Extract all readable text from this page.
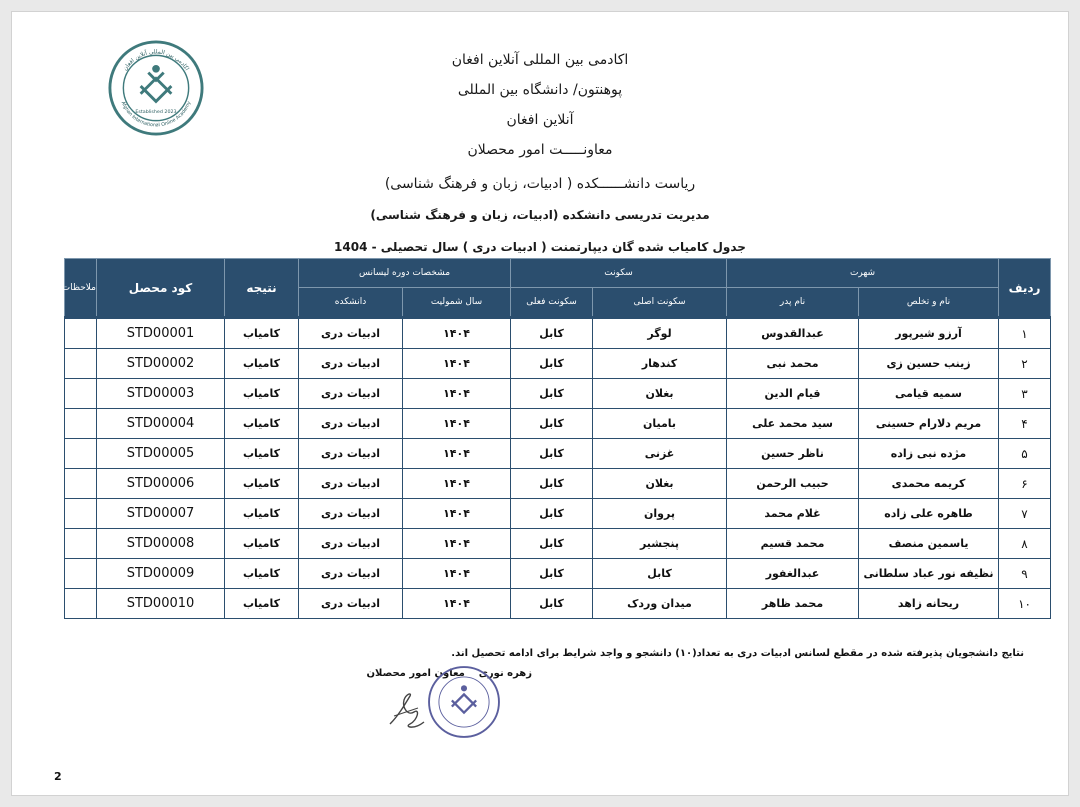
اکادمی بین المللی آنلاین افغان
Afghan International Online Academy
Established 2023
اکادمی بین المللی آنلاین افغان
پوهنتون/ دانشگاه بین المللی
آنلاین افغان
معاونـــــت امور محصلان
ریاست دانشــــــکده ( ادبیات، زبان و فرهنگ شناسی)
مدیریت تدریسی دانشکده (ادبیات، زبان و فرهنگ شناسی)
جدول کامیاب شده گان دیپارتمنت ( ادبیات دری ) سال تحصیلی - 1404
ردیف	شهرت		سکونت		مشخصات دوره لیسانس		نتیجه	کود محصل	ملاحظات
	نام و تخلص	نام پدر	سکونت اصلی	سکونت فعلی	سال شمولیت	دانشکده			
۱	آرزو شیرپور	عبدالقدوس	لوگر	کابل	۱۴۰۴	ادبیات دری	کامیاب	STD00001	
۲	زینب حسین زی	محمد نبی	کندهار	کابل	۱۴۰۴	ادبیات دری	کامیاب	STD00002	
۳	سمیه قیامی	قیام الدین	بغلان	کابل	۱۴۰۴	ادبیات دری	کامیاب	STD00003	
۴	مریم دلارام حسینی	سید محمد علی	بامیان	کابل	۱۴۰۴	ادبیات دری	کامیاب	STD00004	
۵	مژده نبی زاده	ناظر حسین	غزنی	کابل	۱۴۰۴	ادبیات دری	کامیاب	STD00005	
۶	کریمه محمدی	حبیب الرحمن	بغلان	کابل	۱۴۰۴	ادبیات دری	کامیاب	STD00006	
۷	طاهره علی زاده	غلام محمد	پروان	کابل	۱۴۰۴	ادبیات دری	کامیاب	STD00007	
۸	یاسمین منصف	محمد قسیم	پنجشیر	کابل	۱۴۰۴	ادبیات دری	کامیاب	STD00008	
۹	نظیفه نور عباد سلطانی	عبدالغفور	کابل	کابل	۱۴۰۴	ادبیات دری	کامیاب	STD00009	
۱۰	ریحانه زاهد	محمد ظاهر	میدان وردک	کابل	۱۴۰۴	ادبیات دری	کامیاب	STD00010	
نتایج دانشجویان پذیرفته شده در مقطع لسانس ادبیات دری به تعداد(۱۰) دانشجو و واجد شرایط برای ادامه تحصیل اند.
زهره نوری    معاون امور محصلان
2
